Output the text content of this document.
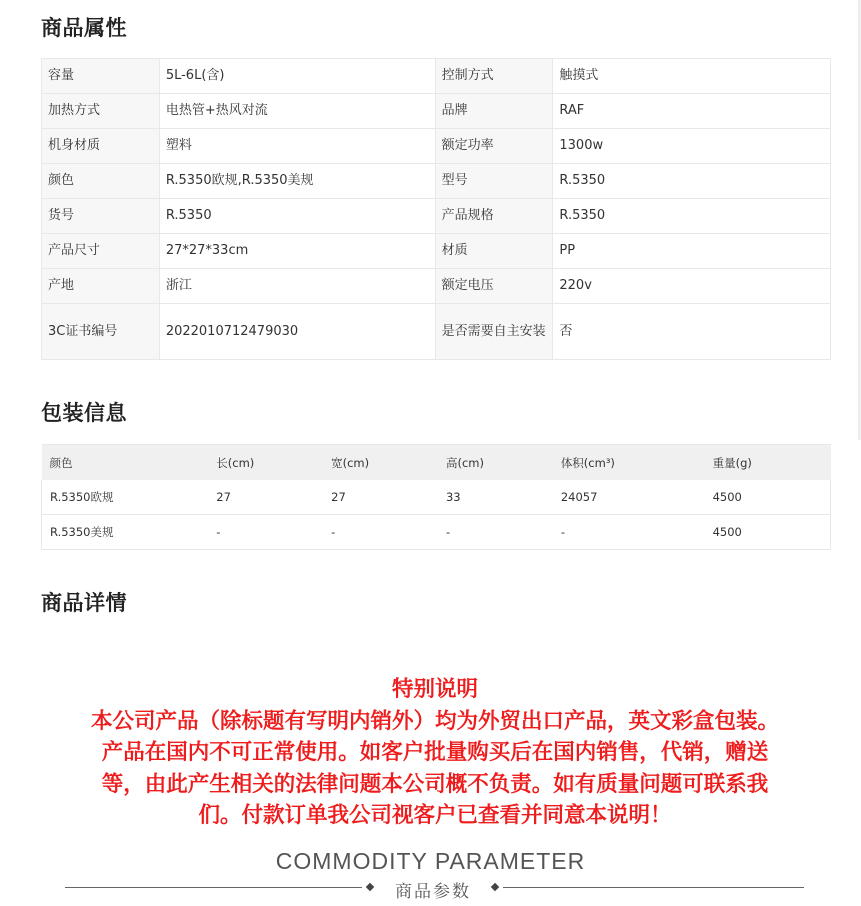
商品属性
容量	5L-6L(含)	控制方式	触摸式
加热方式	电热管+热风对流	品牌	RAF
机身材质	塑料	额定功率	1300w
颜色	R.5350欧规,R.5350美规	型号	R.5350
货号	R.5350	产品规格	R.5350
产品尺寸	27*27*33cm	材质	PP
产地	浙江	额定电压	220v
3C证书编号	2022010712479030	是否需要自主安装	否
包装信息
颜色	长(cm)	宽(cm)	高(cm)	体积(cm³)	重量(g)
R.5350欧规	27	27	33	24057	4500
R.5350美规	-	-	-	-	4500
商品详情
特别说明
本公司产品（除标题有写明内销外）均为外贸出口产品，英文彩盒包装。
产品在国内不可正常使用。如客户批量购买后在国内销售，代销，赠送
等，由此产生相关的法律问题本公司概不负责。如有质量问题可联系我
们。付款订单我公司视客户已查看并同意本说明！
COMMODITY PARAMETER
商品参数
